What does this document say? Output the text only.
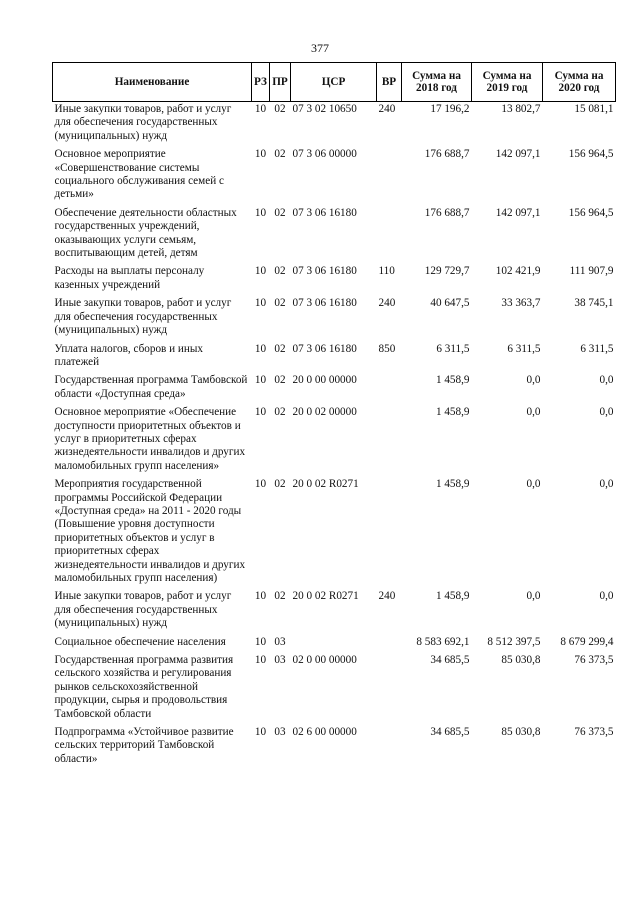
377
Наименование	РЗ	ПР	ЦСР	ВР	Сумма на 2018 год	Сумма на 2019 год	Сумма на 2020 год
Иные закупки товаров, работ и услуг для обеспечения государственных (муниципальных) нужд	10	02	07 3 02 10650	240	17 196,2	13 802,7	15 081,1
Основное мероприятие «Совершенствование системы социального обслуживания семей с детьми»	10	02	07 3 06 00000		176 688,7	142 097,1	156 964,5
Обеспечение деятельности областных государственных учреждений, оказывающих услуги семьям, воспитывающим детей, детям	10	02	07 3 06 16180		176 688,7	142 097,1	156 964,5
Расходы на выплаты персоналу казенных учреждений	10	02	07 3 06 16180	110	129 729,7	102 421,9	111 907,9
Иные закупки товаров, работ и услуг для обеспечения государственных (муниципальных) нужд	10	02	07 3 06 16180	240	40 647,5	33 363,7	38 745,1
Уплата налогов, сборов и иных платежей	10	02	07 3 06 16180	850	6 311,5	6 311,5	6 311,5
Государственная программа Тамбовской области «Доступная среда»	10	02	20 0 00 00000		1 458,9	0,0	0,0
Основное мероприятие «Обеспечение доступности приоритетных объектов и услуг в приоритетных сферах жизнедеятельности инвалидов и других маломобильных групп населения»	10	02	20 0 02 00000		1 458,9	0,0	0,0
Мероприятия государственной программы Российской Федерации «Доступная среда» на 2011 - 2020 годы (Повышение уровня доступности приоритетных объектов и услуг в приоритетных сферах жизнедеятельности инвалидов и других маломобильных групп населения)	10	02	20 0 02 R0271		1 458,9	0,0	0,0
Иные закупки товаров, работ и услуг для обеспечения государственных (муниципальных) нужд	10	02	20 0 02 R0271	240	1 458,9	0,0	0,0
Социальное обеспечение населения	10	03			8 583 692,1	8 512 397,5	8 679 299,4
Государственная программа развития сельского хозяйства и регулирования рынков сельскохозяйственной продукции, сырья и продовольствия Тамбовской области	10	03	02 0 00 00000		34 685,5	85 030,8	76 373,5
Подпрограмма «Устойчивое развитие сельских территорий Тамбовской области»	10	03	02 6 00 00000		34 685,5	85 030,8	76 373,5
